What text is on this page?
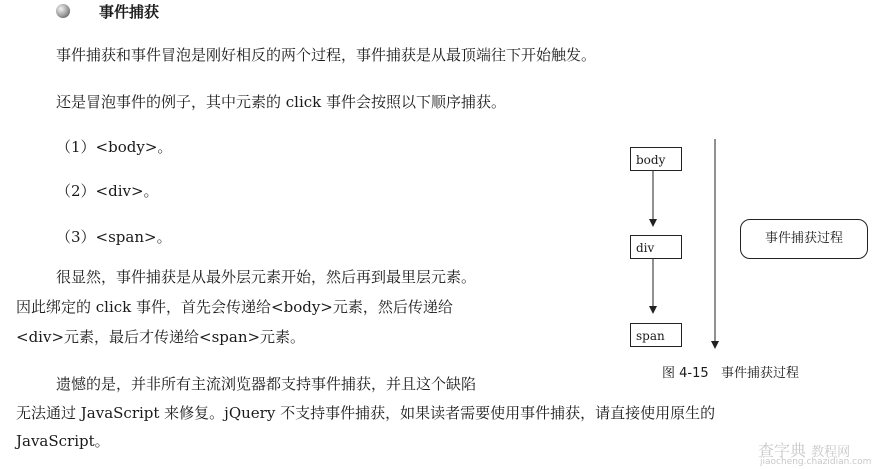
事件捕获
事件捕获和事件冒泡是刚好相反的两个过程，事件捕获是从最顶端往下开始触发。
还是冒泡事件的例子，其中元素的 click 事件会按照以下顺序捕获。
（1）<body>。
（2）<div>。
（3）<span>。
很显然，事件捕获是从最外层元素开始，然后再到最里层元素。
因此绑定的 click 事件，首先会传递给<body>元素，然后传递给
<div>元素，最后才传递给<span>元素。
遗憾的是，并非所有主流浏览器都支持事件捕获，并且这个缺陷
无法通过 JavaScript 来修复。jQuery 不支持事件捕获，如果读者需要使用事件捕获，请直接使用原生的
JavaScript。
body
div
span
事件捕获过程
图 4-15 事件捕获过程
查字典 教程网
jiaocheng.chazidian.com
